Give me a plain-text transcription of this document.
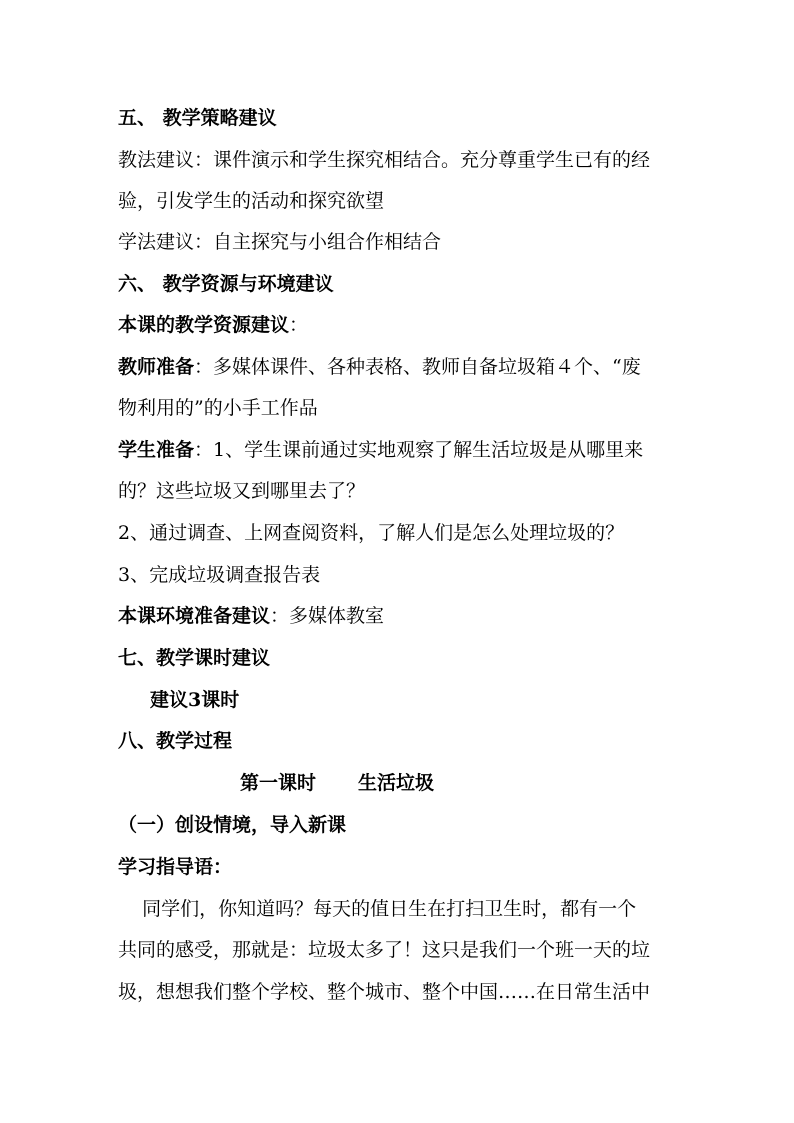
五、 教学策略建议
教法建议：课件演示和学生探究相结合。充分尊重学生已有的经
验，引发学生的活动和探究欲望
学法建议：自主探究与小组合作相结合
六、 教学资源与环境建议
本课的教学资源建议：
教师准备：多媒体课件、各种表格、教师自备垃圾箱４个、“废
物利用的”的小手工作品
学生准备：1、学生课前通过实地观察了解生活垃圾是从哪里来
的？这些垃圾又到哪里去了？
2、通过调查、上网查阅资料，了解人们是怎么处理垃圾的？
3、完成垃圾调查报告表
本课环境准备建议：多媒体教室
七、教学课时建议
建议3课时
八、教学过程
第一课时 生活垃圾
（一）创设情境，导入新课
学习指导语：
同学们，你知道吗？每天的值日生在打扫卫生时，都有一个
共同的感受，那就是：垃圾太多了！这只是我们一个班一天的垃
圾，想想我们整个学校、整个城市、整个中国……在日常生活中
